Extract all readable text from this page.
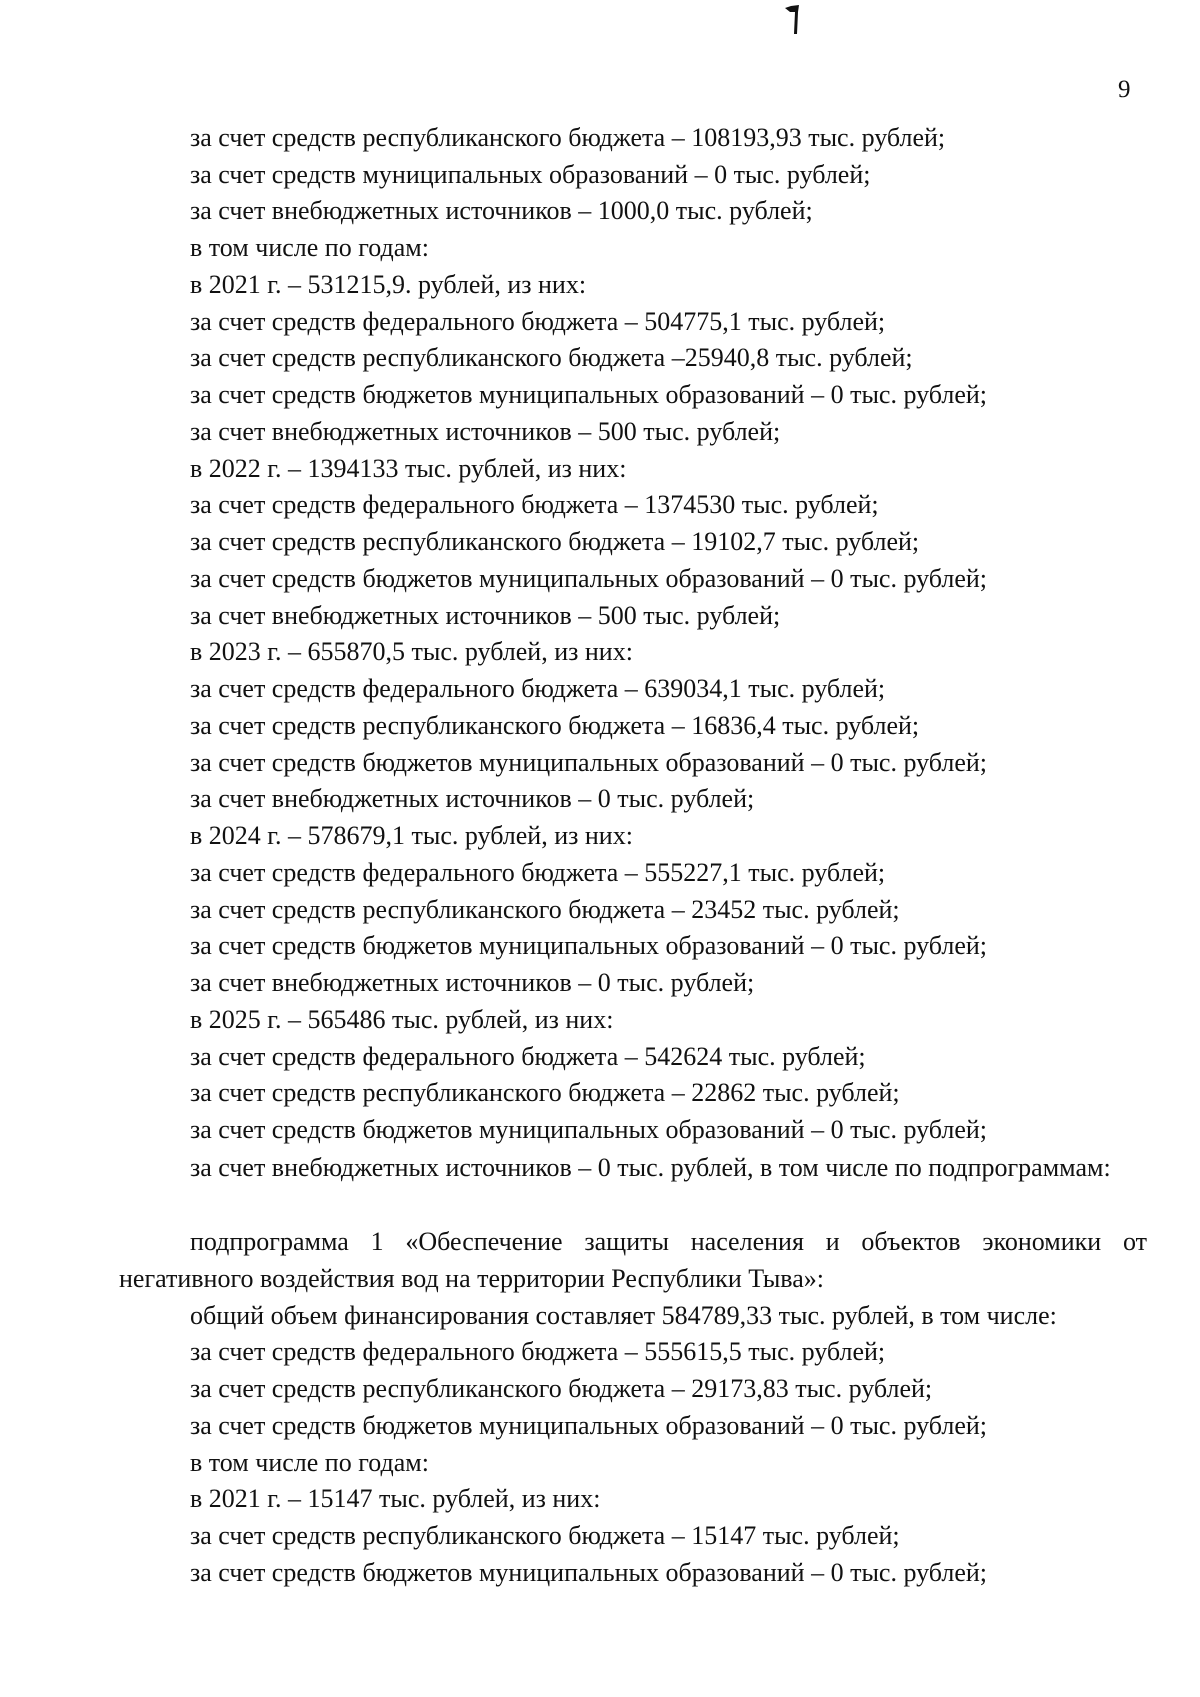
9
за счет средств республиканского бюджета – 108193,93 тыс. рублей;
за счет средств муниципальных образований – 0 тыс. рублей;
за счет внебюджетных источников – 1000,0 тыс. рублей;
в том числе по годам:
в 2021 г. – 531215,9. рублей, из них:
за счет средств федерального бюджета – 504775,1 тыс. рублей;
за счет средств республиканского бюджета –25940,8 тыс. рублей;
за счет средств бюджетов муниципальных образований – 0 тыс. рублей;
за счет внебюджетных источников – 500 тыс. рублей;
в 2022 г. – 1394133 тыс. рублей, из них:
за счет средств федерального бюджета – 1374530 тыс. рублей;
за счет средств республиканского бюджета – 19102,7 тыс. рублей;
за счет средств бюджетов муниципальных образований – 0 тыс. рублей;
за счет внебюджетных источников – 500 тыс. рублей;
в 2023 г. – 655870,5 тыс. рублей, из них:
за счет средств федерального бюджета – 639034,1 тыс. рублей;
за счет средств республиканского бюджета – 16836,4 тыс. рублей;
за счет средств бюджетов муниципальных образований – 0 тыс. рублей;
за счет внебюджетных источников – 0 тыс. рублей;
в 2024 г. – 578679,1 тыс. рублей, из них:
за счет средств федерального бюджета – 555227,1 тыс. рублей;
за счет средств республиканского бюджета – 23452 тыс. рублей;
за счет средств бюджетов муниципальных образований – 0 тыс. рублей;
за счет внебюджетных источников – 0 тыс. рублей;
в 2025 г. – 565486 тыс. рублей, из них:
за счет средств федерального бюджета – 542624 тыс. рублей;
за счет средств республиканского бюджета – 22862 тыс. рублей;
за счет средств бюджетов муниципальных образований – 0 тыс. рублей;
за счет внебюджетных источников – 0 тыс. рублей, в том числе по подпрограммам:
подпрограмма 1 «Обеспечение защиты населения и объектов экономики от негативного воздействия вод на территории Республики Тыва»:
общий объем финансирования составляет 584789,33 тыс. рублей, в том числе:
за счет средств федерального бюджета – 555615,5 тыс. рублей;
за счет средств республиканского бюджета – 29173,83 тыс. рублей;
за счет средств бюджетов муниципальных образований – 0 тыс. рублей;
в том числе по годам:
в 2021 г. – 15147 тыс. рублей, из них:
за счет средств республиканского бюджета – 15147 тыс. рублей;
за счет средств бюджетов муниципальных образований – 0 тыс. рублей;
